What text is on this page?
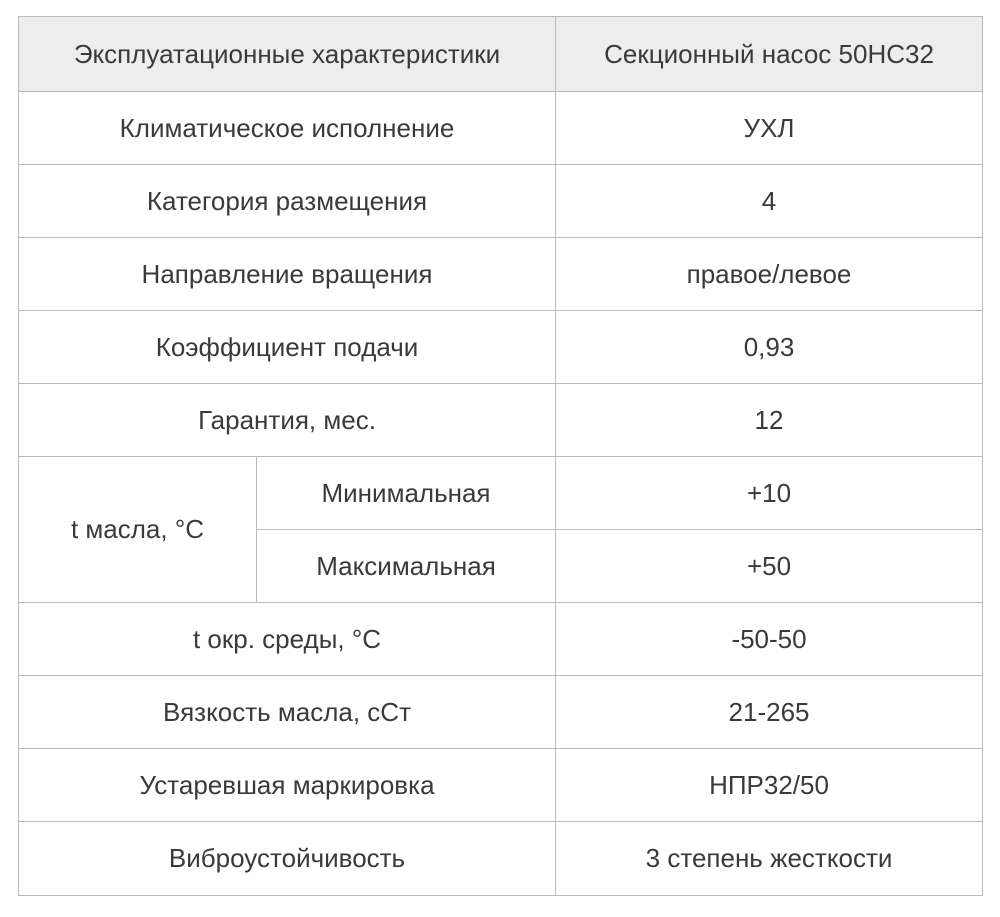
Эксплуатационные характеристики		Секционный насос 50НС32
Климатическое исполнение		УХЛ
Категория размещения		4
Направление вращения		правое/левое
Коэффициент подачи		0,93
Гарантия, мес.		12
t масла, °С	Минимальная	+10
	Максимальная	+50
t окр. среды, °С		-50-50
Вязкость масла, сСт		21-265
Устаревшая маркировка		НПР32/50
Виброустойчивость		3 степень жесткости
